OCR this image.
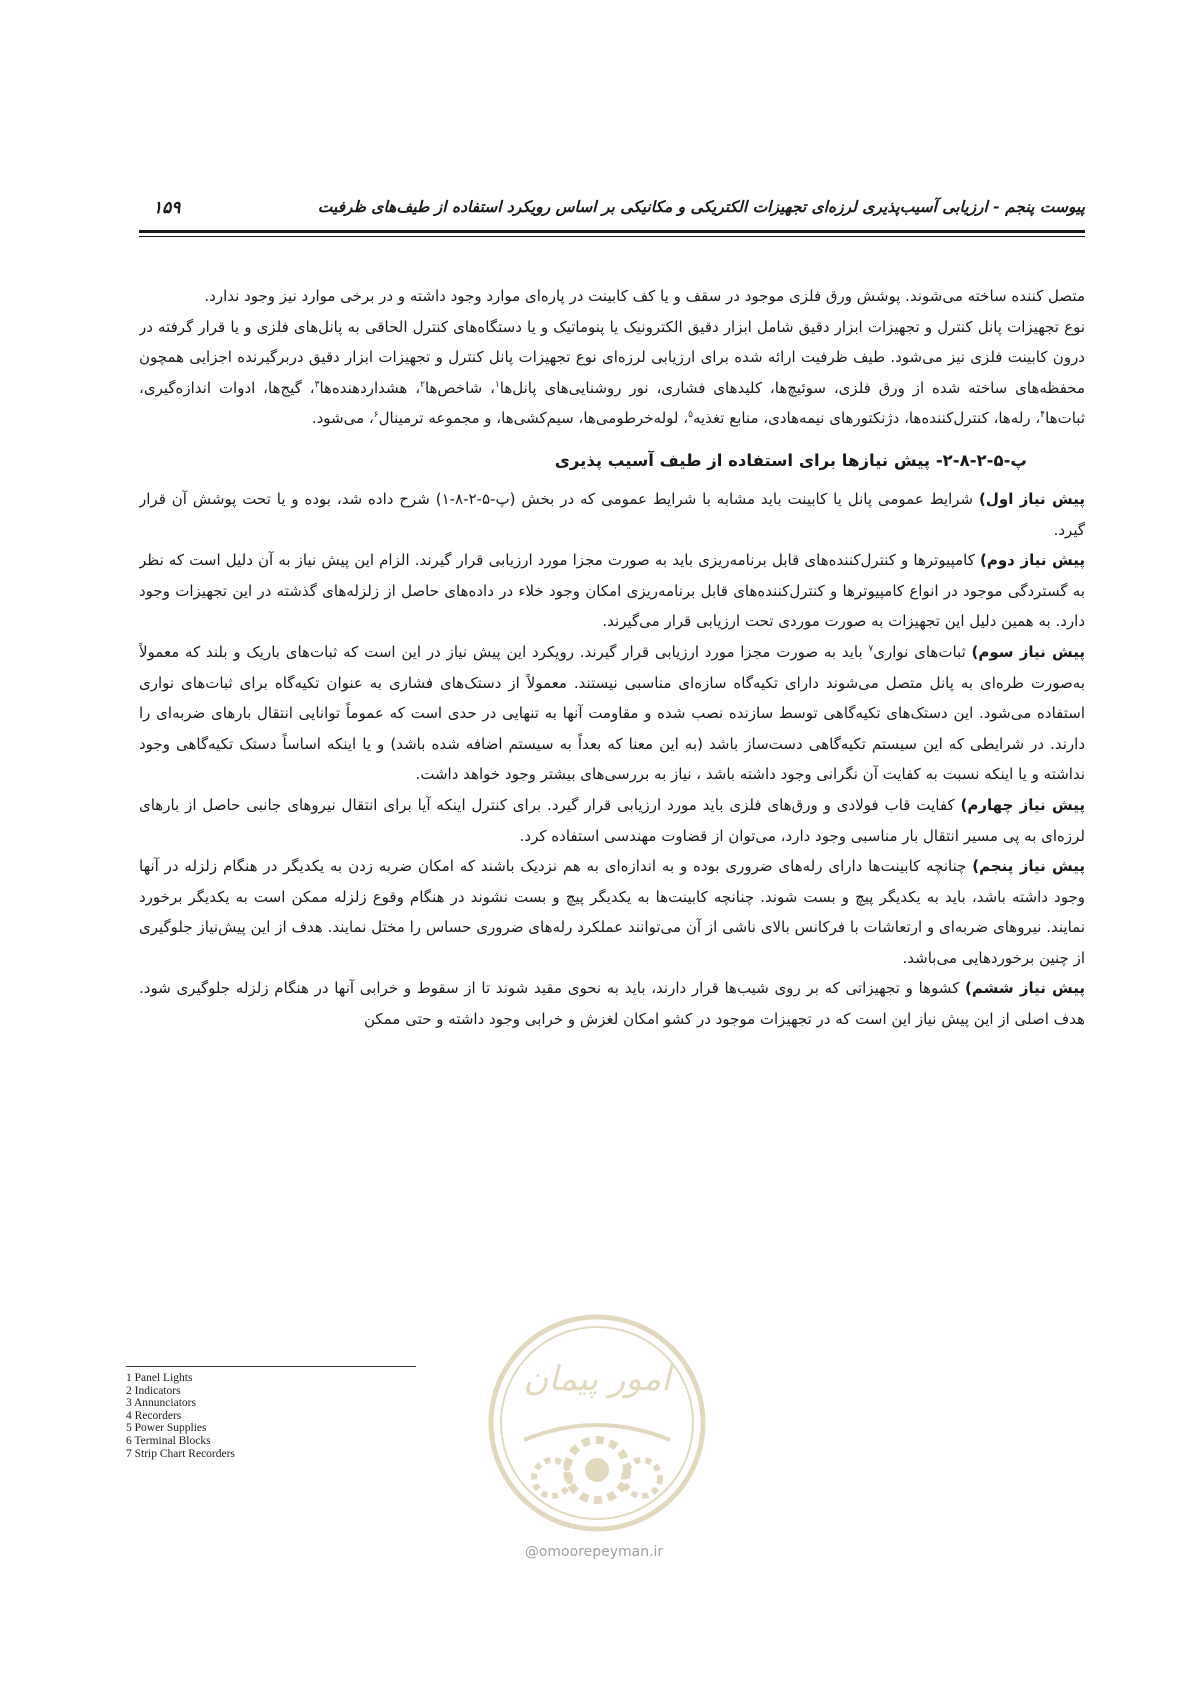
پیوست پنجم - ارزیابی آسیب‌پذیری لرزه‌ای تجهیزات الکتریکی و مکانیکی بر اساس رویکرد استفاده از طیف‌های ظرفیت
۱۵۹

متصل کننده ساخته می‌شوند. پوشش ورق فلزی موجود در سقف و یا کف کابینت در پاره‌ای موارد وجود داشته و در برخی موارد نیز وجود ندارد.

نوع تجهیزات پانل کنترل و تجهیزات ابزار دقیق شامل ابزار دقیق الکترونیک یا پنوماتیک و یا دستگاه‌های کنترل الحاقی به پانل‌های فلزی و یا قرار گرفته در درون کابینت فلزی نیز می‌شود. طیف ظرفیت ارائه شده برای ارزیابی لرزه‌ای نوع تجهیزات پانل کنترل و تجهیزات ابزار دقیق دربرگیرنده اجزایی همچون محفظه‌های ساخته شده از ورق فلزی، سوئیچ‌ها، کلیدهای فشاری، نور روشنایی‌های پانل‌ها$^۱$، شاخص‌ها$^۲$، هشداردهنده‌ها$^۳$، گیج‌ها، ادوات اندازه‌گیری، ثبات‌ها$^۴$، رله‌ها، کنترل‌کننده‌ها، دژنکتورهای نیمه‌هادی، منابع تغذیه$^۵$، لوله‌خرطومی‌ها، سیم‌کشی‌ها، و مجموعه ترمینال$^۶$، می‌شود.

پ-۵-۲-۸-۲- پیش نیازها برای استفاده از طیف آسیب پذیری

پیش نیاز اول) شرایط عمومی پانل یا کابینت باید مشابه با شرایط عمومی که در بخش (پ-۵-۲-۸-۱) شرح داده شد، بوده و یا تحت پوشش آن قرار گیرد.

پیش نیاز دوم) کامپیوترها و کنترل‌کننده‌های قابل برنامه‌ریزی باید به صورت مجزا مورد ارزیابی قرار گیرند. الزام این پیش نیاز به آن دلیل است که نظر به گستردگی موجود در انواع کامپیوترها و کنترل‌کننده‌های قابل برنامه‌ریزی امکان وجود خلاء در داده‌های حاصل از زلزله‌های گذشته در این تجهیزات وجود دارد. به همین دلیل این تجهیزات به صورت موردی تحت ارزیابی قرار می‌گیرند.

پیش نیاز سوم) ثبات‌های نواری$^۷$ باید به صورت مجزا مورد ارزیابی قرار گیرند. رویکرد این پیش نیاز در این است که ثبات‌های باریک و بلند که معمولاً به‌صورت طره‌ای به پانل متصل می‌شوند دارای تکیه‌گاه سازه‌ای مناسبی نیستند. معمولاً از دستک‌های فشاری به عنوان تکیه‌گاه برای ثبات‌های نواری استفاده می‌شود. این دستک‌های تکیه‌گاهی توسط سازنده نصب شده و مقاومت آنها به تنهایی در حدی است که عموماً توانایی انتقال بارهای ضربه‌ای را دارند. در شرایطی که این سیستم تکیه‌گاهی دست‌ساز باشد (به این معنا که بعداً به سیستم اضافه شده باشد) و یا اینکه اساساً دستک تکیه‌گاهی وجود نداشته و یا اینکه نسبت به کفایت آن نگرانی وجود داشته باشد ، نیاز به بررسی‌های بیشتر وجود خواهد داشت.

پیش نیاز چهارم) کفایت قاب فولادی و ورق‌های فلزی باید مورد ارزیابی قرار گیرد. برای کنترل اینکه آیا برای انتقال نیروهای جانبی حاصل از بارهای لرزه‌ای به پی مسیر انتقال بار مناسبی وجود دارد، می‌توان از قضاوت مهندسی استفاده کرد.

پیش نیاز پنجم) چنانچه کابینت‌ها دارای رله‌های ضروری بوده و به اندازه‌ای به هم نزدیک باشند که امکان ضربه زدن به یکدیگر در هنگام زلزله در آنها وجود داشته باشد، باید به یکدیگر پیچ و بست شوند. چنانچه کابینت‌ها به یکدیگر پیچ و بست نشوند در هنگام وقوع زلزله ممکن است به یکدیگر برخورد نمایند. نیروهای ضربه‌ای و ارتعاشات با فرکانس بالای ناشی از آن می‌توانند عملکرد رله‌های ضروری حساس را مختل نمایند. هدف از این پیش‌نیاز جلوگیری از چنین برخوردهایی می‌باشد.

پیش نیاز ششم) کشوها و تجهیزاتی که بر روی شیب‌ها قرار دارند، باید به نحوی مقید شوند تا از سقوط و خرابی آنها در هنگام زلزله جلوگیری شود. هدف اصلی از این پیش نیاز این است که در تجهیزات موجود در کشو امکان لغزش و خرابی وجود داشته و حتی ممکن

1 Panel Lights
2 Indicators
3 Annunciators
4 Recorders
5 Power Supplies
6 Terminal Blocks
7 Strip Chart Recorders
امور پیمان
@omoorepeyman.ir
